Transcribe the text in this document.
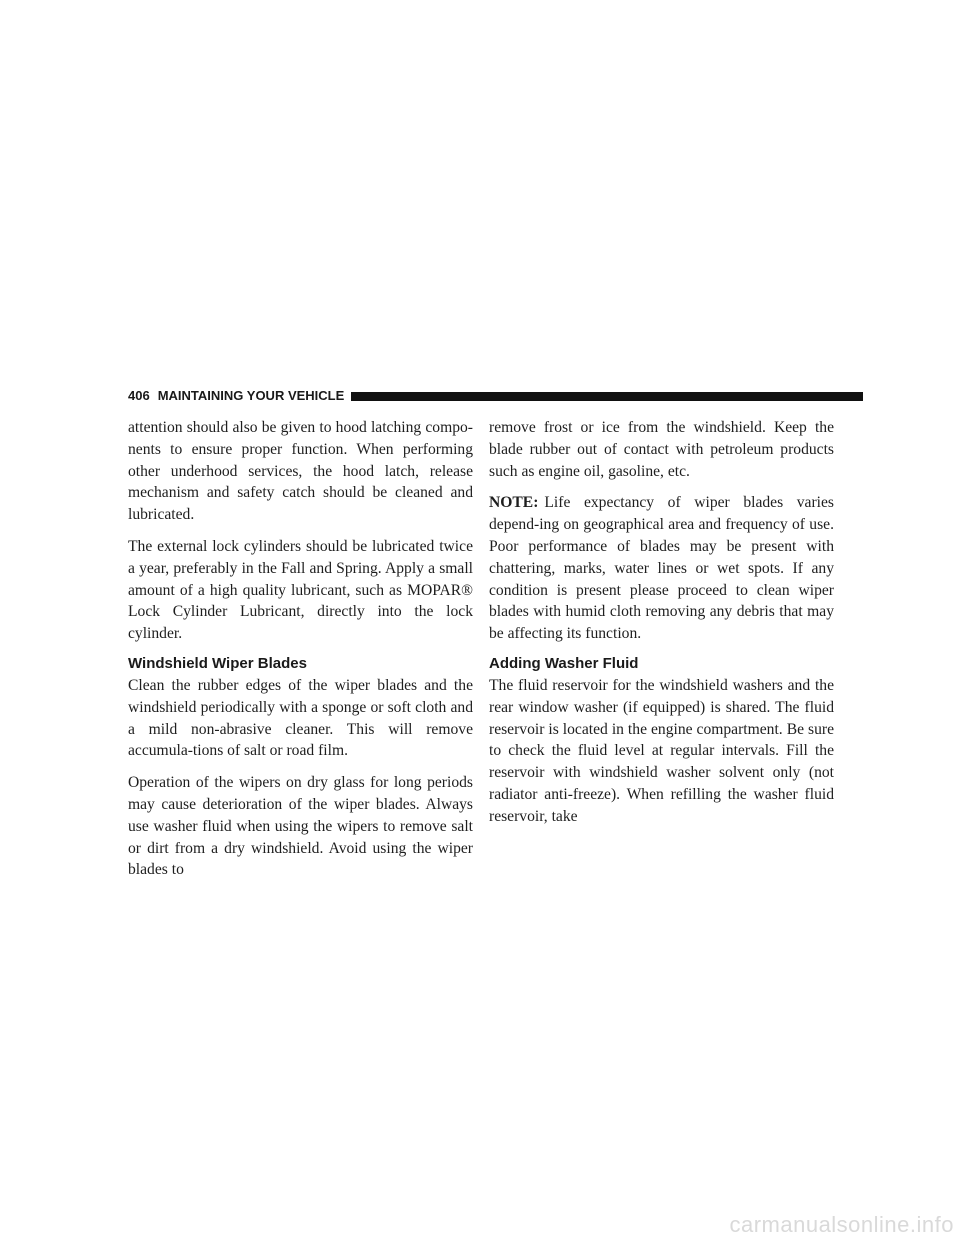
406 MAINTAINING YOUR VEHICLE

attention should also be given to hood latching compo-nents to ensure proper function. When performing other underhood services, the hood latch, release mechanism and safety catch should be cleaned and lubricated.

The external lock cylinders should be lubricated twice a year, preferably in the Fall and Spring. Apply a small amount of a high quality lubricant, such as MOPAR® Lock Cylinder Lubricant, directly into the lock cylinder.

Windshield Wiper Blades

Clean the rubber edges of the wiper blades and the windshield periodically with a sponge or soft cloth and a mild non-abrasive cleaner. This will remove accumula-tions of salt or road film.

Operation of the wipers on dry glass for long periods may cause deterioration of the wiper blades. Always use washer fluid when using the wipers to remove salt or dirt from a dry windshield. Avoid using the wiper blades to

remove frost or ice from the windshield. Keep the blade rubber out of contact with petroleum products such as engine oil, gasoline, etc.

NOTE: Life expectancy of wiper blades varies depend-ing on geographical area and frequency of use. Poor performance of blades may be present with chattering, marks, water lines or wet spots. If any condition is present please proceed to clean wiper blades with humid cloth removing any debris that may be affecting its function.

Adding Washer Fluid

The fluid reservoir for the windshield washers and the rear window washer (if equipped) is shared. The fluid reservoir is located in the engine compartment. Be sure to check the fluid level at regular intervals. Fill the reservoir with windshield washer solvent only (not radiator anti-freeze). When refilling the washer fluid reservoir, take

carmanualsonline.info
